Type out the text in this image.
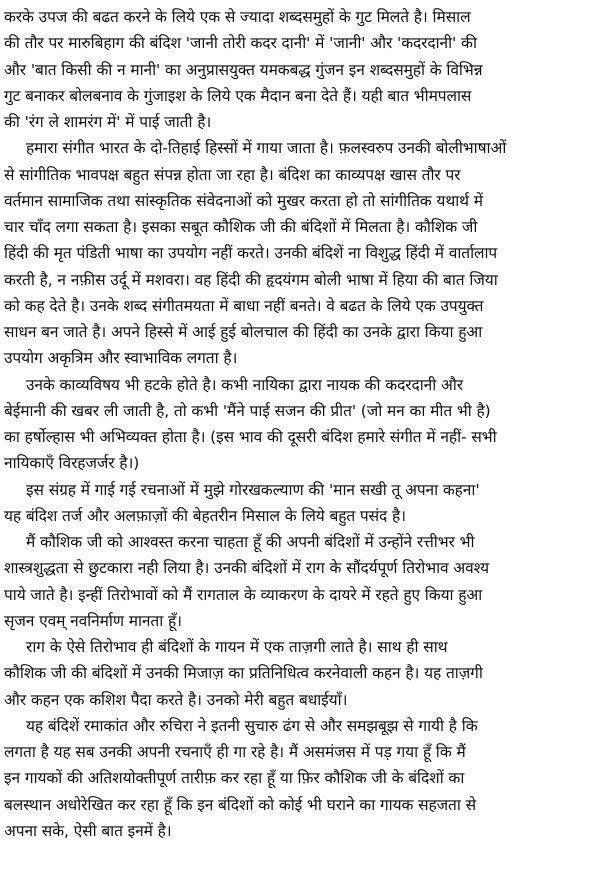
करके उपज की बढत करने के लिये एक से ज्यादा शब्दसमुहों के गुट मिलते है। मिसाल
की तौर पर मारुबिहाग की बंदिश 'जानी तोरी कदर दानी' में 'जानी' और 'कदरदानी' की
और 'बात किसी की न मानी' का अनुप्रासयुक्त यमकबद्ध गुंजन इन शब्दसमुहों के विभिन्न
गुट बनाकर बोलबनाव के गुंजाइश के लिये एक मैदान बना देते हैं। यही बात भीमपलास
की 'रंग ले शामरंग में' में पाई जाती है।
हमारा संगीत भारत के दो-तिहाई हिस्सों में गाया जाता है। फ़लस्वरुप उनकी बोलीभाषाओं
से सांगीतिक भावपक्ष बहुत संपन्न होता जा रहा है। बंदिश का काव्यपक्ष खास तौर पर
वर्तमान सामाजिक तथा सांस्कृतिक संवेदनाओं को मुखर करता हो तो सांगीतिक यथार्थ में
चार चाँद लगा सकता है। इसका सबूत कौशिक जी की बंदिशों में मिलता है। कौशिक जी
हिंदी की मृत पंडिती भाषा का उपयोग नहीं करते। उनकी बंदिशें ना विशुद्ध हिंदी में वार्तालाप
करती है, न नफ़ीस उर्दू में मशवरा। वह हिंदी की हृदयंगम बोली भाषा में हिया की बात जिया
को कह देते है। उनके शब्द संगीतमयता में बाधा नहीं बनते। वे बढत के लिये एक उपयुक्त
साधन बन जाते है। अपने हिस्से में आई हुई बोलचाल की हिंदी का उनके द्वारा किया हुआ
उपयोग अकृत्रिम और स्वाभाविक लगता है।
उनके काव्यविषय भी हटके होते है। कभी नायिका द्वारा नायक की कदरदानी और
बेईमानी की खबर ली जाती है, तो कभी 'मैंने पाई सजन की प्रीत' (जो मन का मीत भी है)
का हर्षोल्हास भी अभिव्यक्त होता है। (इस भाव की दूसरी बंदिश हमारे संगीत में नहीं- सभी
नायिकाएँ विरहजर्जर है।)
इस संग्रह में गाई गई रचनाओं में मुझे गोरखकल्याण की 'मान सखी तू अपना कहना'
यह बंदिश तर्ज और अलफ़ाज़ों की बेहतरीन मिसाल के लिये बहुत पसंद है।
मैं कौशिक जी को आश्वस्त करना चाहता हूँ की अपनी बंदिशों में उन्होंने रत्तीभर भी
शास्त्रशुद्धता से छुटकारा नही लिया है। उनकी बंदिशों में राग के सौंदर्यपूर्ण तिरोभाव अवश्य
पाये जाते है। इन्हीं तिरोभावों को मैं रागताल के व्याकरण के दायरे में रहते हुए किया हुआ
सृजन एवम् नवनिर्माण मानता हूँ।
राग के ऐसे तिरोभाव ही बंदिशों के गायन में एक ताज़गी लाते है। साथ ही साथ
कौशिक जी की बंदिशों में उनकी मिजाज़ का प्रतिनिधित्व करनेवाली कहन है। यह ताज़गी
और कहन एक कशिश पैदा करते है। उनको मेरी बहुत बधाईयाँ।
यह बंदिशें रमाकांत और रुचिरा ने इतनी सुचारु ढंग से और समझबूझ से गायी है कि
लगता है यह सब उनकी अपनी रचनाएँ ही गा रहे है। मैं असमंजस में पड़ गया हूँ कि मैं
इन गायकों की अतिशयोक्तीपूर्ण तारीफ़ कर रहा हूँ या फ़िर कौशिक जी के बंदिशों का
बलस्थान अधोरेखित कर रहा हूँ कि इन बंदिशों को कोई भी घराने का गायक सहजता से
अपना सके, ऐसी बात इनमें है।
